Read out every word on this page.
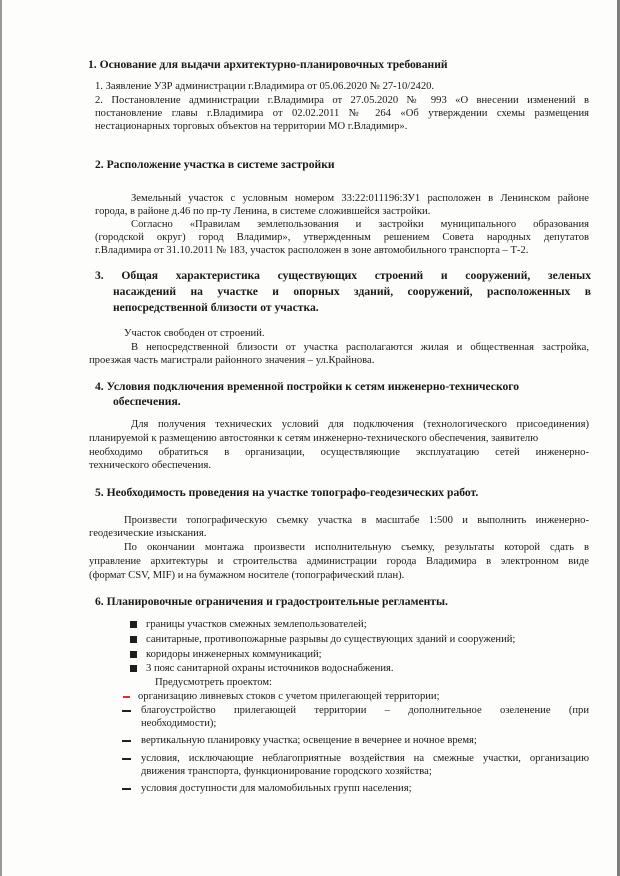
1. Основание для выдачи архитектурно-планировочных требований
1. Заявление УЗР администрации г.Владимира от 05.06.2020 № 27-10/2420.
2. Постановление администрации г.Владимира от 27.05.2020 № 993 «О внесении изменений в
постановление главы г.Владимира от 02.02.2011 № 264 «Об утверждении схемы размещения
нестационарных торговых объектов на территории МО г.Владимир».
2. Расположение участка в системе застройки
Земельный участок с условным номером 33:22:011196:ЗУ1 расположен в Ленинском районе
города, в районе д.46 по пр-ту Ленина, в системе сложившейся застройки.
Согласно «Правилам землепользования и застройки муниципального образования
(городской округ) город Владимир», утвержденным решением Совета народных депутатов
г.Владимира от 31.10.2011 № 183, участок расположен в зоне автомобильного транспорта – Т-2.
3. Общая характеристика существующих строений и сооружений, зеленых
насаждений на участке и опорных зданий, сооружений, расположенных в
непосредственной близости от участка.
Участок свободен от строений.
В непосредственной близости от участка располагаются жилая и общественная застройка,
проезжая часть магистрали районного значения – ул.Крайнова.
4. Условия подключения временной постройки к сетям инженерно-технического
обеспечения.
Для получения технических условий для подключения (технологического присоединения)
планируемой к размещению автостоянки к сетям инженерно-технического обеспечения, заявителю
необходимо обратиться в организации, осуществляющие эксплуатацию сетей инженерно-
технического обеспечения.
5. Необходимость проведения на участке топографо-геодезических работ.
Произвести топографическую съемку участка в масштабе 1:500 и выполнить инженерно-
геодезические изыскания.
По окончании монтажа произвести исполнительную съемку, результаты которой сдать в
управление архитектуры и строительства администрации города Владимира в электронном виде
(формат CSV, MIF) и на бумажном носителе (топографический план).
6. Планировочные ограничения и градостроительные регламенты.
границы участков смежных землепользователей;
санитарные, противопожарные разрывы до существующих зданий и сооружений;
коридоры инженерных коммуникаций;
3 пояс санитарной охраны источников водоснабжения.
Предусмотреть проектом:
организацию ливневых стоков с учетом прилегающей территории;
благоустройство прилегающей территории – дополнительное озеленение (при
необходимости);
вертикальную планировку участка; освещение в вечернее и ночное время;
условия, исключающие неблагоприятные воздействия на смежные участки, организацию
движения транспорта, функционирование городского хозяйства;
условия доступности для маломобильных групп населения;
